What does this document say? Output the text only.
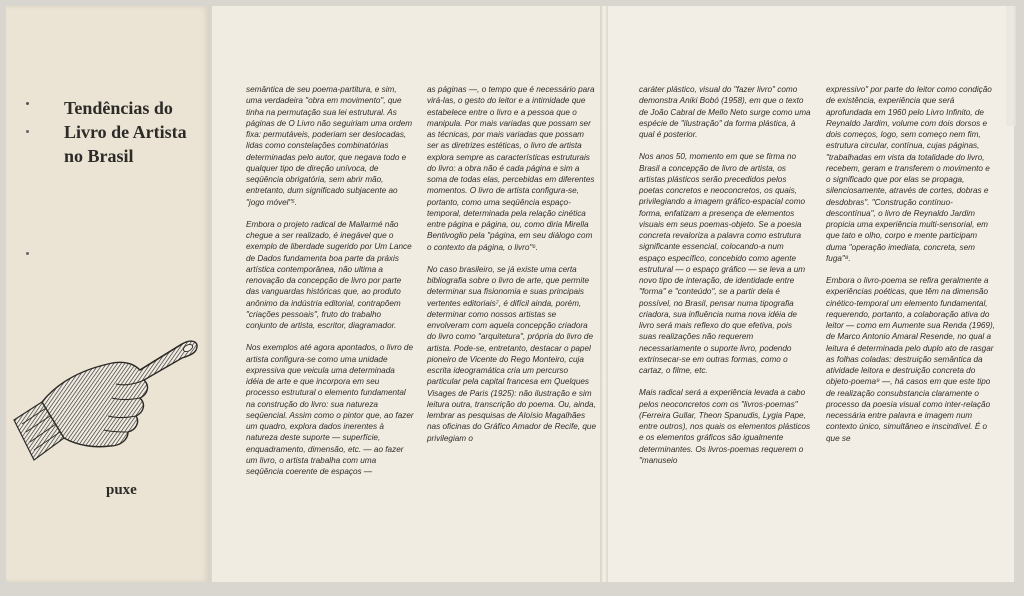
Tendências do
Livro de Artista
no Brasil

puxe

semântica de seu poema-partitura, e sim, uma verdadeira "obra em movimento", que tinha na permutação sua lei estrutural. As páginas de O Livro não seguiriam uma ordem fixa: permutáveis, poderiam ser deslocadas, lidas como constelações combinatórias determinadas pelo autor, que negava todo e qualquer tipo de direção unívoca, de seqüência obrigatória, sem abrir mão, entretanto, dum significado subjacente ao "jogo móvel"⁵.

Embora o projeto radical de Mallarmé não chegue a ser realizado, é inegável que o exemplo de liberdade sugerido por Um Lance de Dados fundamenta boa parte da práxis artística contemporânea, não ultima a renovação da concepção de livro por parte das vanguardas históricas que, ao produto anônimo da indústria editorial, contrapõem "criações pessoais", fruto do trabalho conjunto de artista, escritor, diagramador.

Nos exemplos até agora apontados, o livro de artista configura-se como uma unidade expressiva que veicula uma determinada idéia de arte e que incorpora em seu processo estrutural o elemento fundamental na construção do livro: sua natureza seqüencial. Assim como o pintor que, ao fazer um quadro, explora dados inerentes à natureza deste suporte — superfície, enquadramento, dimensão, etc. — ao fazer um livro, o artista trabalha com uma seqüência coerente de espaços —

as páginas —, o tempo que é necessário para virá-las, o gesto do leitor e a intimidade que estabelece entre o livro e a pessoa que o manipula. Por mais variadas que possam ser as técnicas, por mais variadas que possam ser as diretrizes estéticas, o livro de artista explora sempre as características estruturais do livro: a obra não é cada página e sim a soma de todas elas, percebidas em diferentes momentos. O livro de artista configura-se, portanto, como uma seqüência espaço-temporal, determinada pela relação cinética entre página e página, ou, como diria Mirella Bentivoglio pela "página, em seu diálogo com o contexto da página, o livro"⁶.

No caso brasileiro, se já existe uma certa bibliografia sobre o livro de arte, que permite determinar sua fisionomia e suas principais vertentes editoriais⁷, é difícil ainda, porém, determinar como nossos artistas se envolveram com aquela concepção criadora do livro como "arquitetura", própria do livro de artista. Pode-se, entretanto, destacar o papel pioneiro de Vicente do Rego Monteiro, cuja escrita ideogramática cria um percurso particular pela capital francesa em Quelques Visages de Paris (1925): não ilustração e sim leitura outra, transcrição do poema. Ou, ainda, lembrar as pesquisas de Aloísio Magalhães nas oficinas do Gráfico Amador de Recife, que privilegiam o

caráter plástico, visual do "fazer livro" como demonstra Aniki Bobó (1958), em que o texto de João Cabral de Mello Neto surge como uma espécie de "ilustração" da forma plástica, à qual é posterior.

Nos anos 50, momento em que se firma no Brasil a concepção de livro de artista, os artistas plásticos serão precedidos pelos poetas concretos e neoconcretos, os quais, privilegiando a imagem gráfico-espacial como forma, enfatizam a presença de elementos visuais em seus poemas-objeto. Se a poesia concreta revaloriza a palavra como estrutura significante essencial, colocando-a num espaço específico, concebido como agente estrutural — o espaço gráfico — se leva a um novo tipo de interação, de identidade entre "forma" e "conteúdo", se a partir dela é possível, no Brasil, pensar numa tipografia criadora, sua influência numa nova idéia de livro será mais reflexo do que efetiva, pois suas realizações não requerem necessariamente o suporte livro, podendo extrinsecar-se em outras formas, como o cartaz, o filme, etc.

Mais radical será a experiência levada a cabo pelos neoconcretos com os "livros-poemas" (Ferreira Gullar, Theon Spanudis, Lygia Pape, entre outros), nos quais os elementos plásticos e os elementos gráficos são igualmente determinantes. Os livros-poemas requerem o "manuseio

expressivo" por parte do leitor como condição de existência, experiência que será aprofundada em 1960 pelo Livro Infinito, de Reynaldo Jardim, volume com dois dorsos e dois começos, logo, sem começo nem fim, estrutura circular, contínua, cujas páginas, "trabalhadas em vista da totalidade do livro, recebem, geram e transferem o movimento e o significado que por elas se propaga, silenciosamente, através de cortes, dobras e desdobras". "Construção contínuo-descontínua", o livro de Reynaldo Jardim propicia uma experiência multi-sensorial, em que tato e olho, corpo e mente participam duma "operação imediata, concreta, sem fuga"⁸.

Embora o livro-poema se refira geralmente a experiências poéticas, que têm na dimensão cinético-temporal um elemento fundamental, requerendo, portanto, a colaboração ativa do leitor — como em Aumente sua Renda (1969), de Marco Antonio Amaral Resende, no qual a leitura é determinada pelo duplo ato de rasgar as folhas coladas: destruição semântica da atividade leitora e destruição concreta do objeto-poema⁹ —, há casos em que este tipo de realização consubstancia claramente o processo da poesia visual como inter-relação necessária entre palavra e imagem num contexto único, simultâneo e inscindível. É o que se
